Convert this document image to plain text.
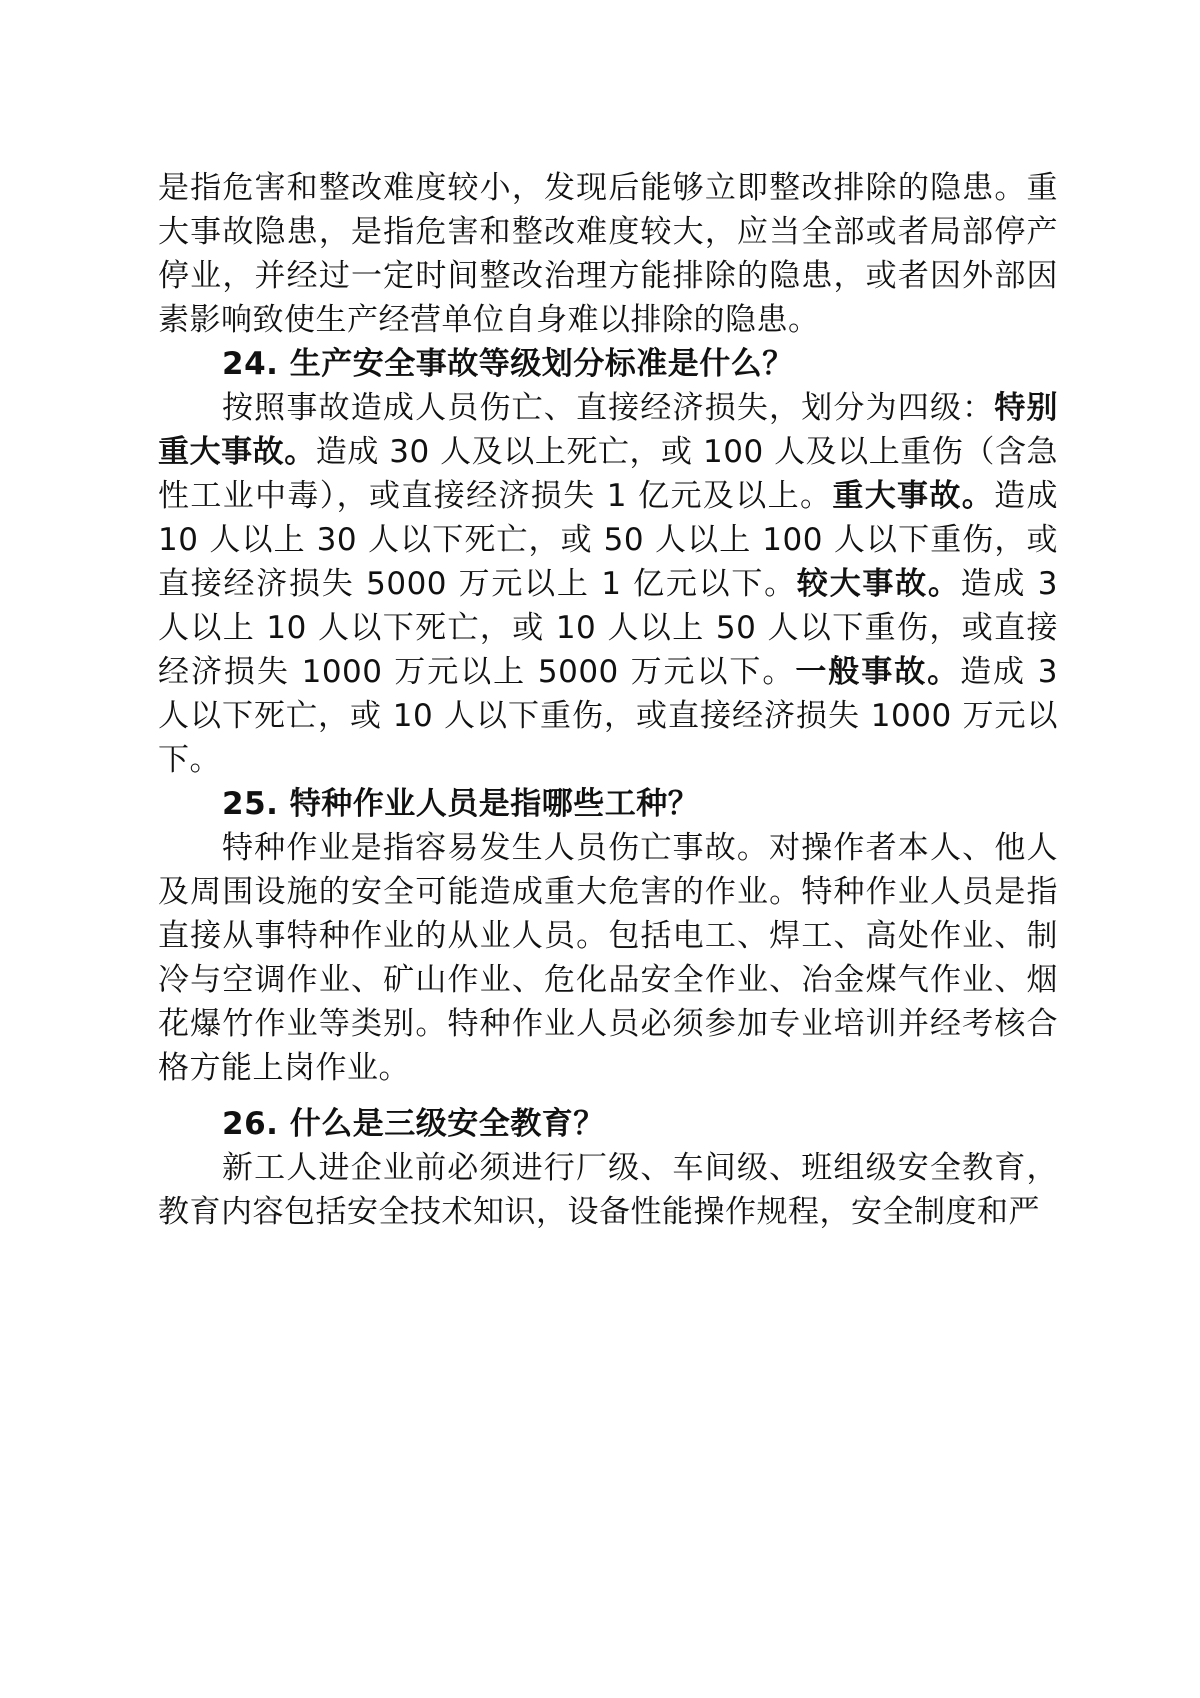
是指危害和整改难度较小，发现后能够立即整改排除的隐患。重大事故隐患，是指危害和整改难度较大，应当全部或者局部停产停业，并经过一定时间整改治理方能排除的隐患，或者因外部因素影响致使生产经营单位自身难以排除的隐患。

24. 生产安全事故等级划分标准是什么？

按照事故造成人员伤亡、直接经济损失，划分为四级：特别重大事故。造成 30 人及以上死亡，或 100 人及以上重伤（含急性工业中毒），或直接经济损失 1 亿元及以上。重大事故。造成 10 人以上 30 人以下死亡，或 50 人以上 100 人以下重伤，或直接经济损失 5000 万元以上 1 亿元以下。较大事故。造成 3 人以上 10 人以下死亡，或 10 人以上 50 人以下重伤，或直接经济损失 1000 万元以上 5000 万元以下。一般事故。造成 3 人以下死亡，或 10 人以下重伤，或直接经济损失 1000 万元以下。

25. 特种作业人员是指哪些工种？

特种作业是指容易发生人员伤亡事故。对操作者本人、他人及周围设施的安全可能造成重大危害的作业。特种作业人员是指直接从事特种作业的从业人员。包括电工、焊工、高处作业、制冷与空调作业、矿山作业、危化品安全作业、冶金煤气作业、烟花爆竹作业等类别。特种作业人员必须参加专业培训并经考核合格方能上岗作业。

26. 什么是三级安全教育？

新工人进企业前必须进行厂级、车间级、班组级安全教育，教育内容包括安全技术知识，设备性能操作规程，安全制度和严
